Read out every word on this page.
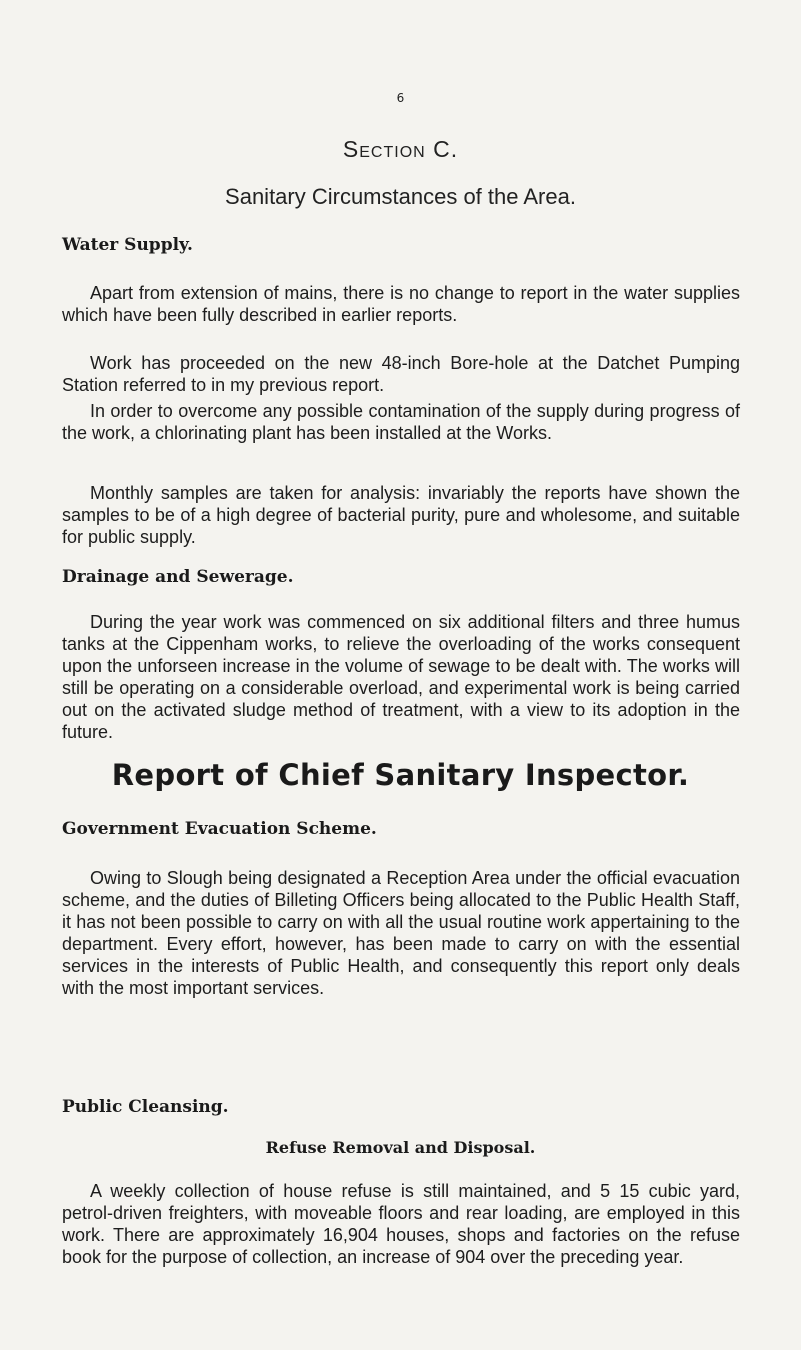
6
Section C.
Sanitary Circumstances of the Area.
Water Supply.

Apart from extension of mains, there is no change to report in the water supplies which have been fully described in earlier reports.

Work has proceeded on the new 48-inch Bore-hole at the Datchet Pumping Station referred to in my previous report.

In order to overcome any possible contamination of the supply during progress of the work, a chlorinating plant has been installed at the Works.

Monthly samples are taken for analysis: invariably the reports have shown the samples to be of a high degree of bacterial purity, pure and wholesome, and suitable for public supply.

Drainage and Sewerage.

During the year work was commenced on six additional filters and three humus tanks at the Cippenham works, to relieve the overloading of the works consequent upon the unforseen increase in the volume of sewage to be dealt with. The works will still be operating on a considerable overload, and experimental work is being carried out on the activated sludge method of treatment, with a view to its adoption in the future.

Report of Chief Sanitary Inspector.
Government Evacuation Scheme.

Owing to Slough being designated a Reception Area under the official evacuation scheme, and the duties of Billeting Officers being allocated to the Public Health Staff, it has not been possible to carry on with all the usual routine work appertaining to the department. Every effort, however, has been made to carry on with the essential services in the interests of Public Health, and consequently this report only deals with the most important services.

Public Cleansing.
Refuse Removal and Disposal.

A weekly collection of house refuse is still maintained, and 5 15 cubic yard, petrol-driven freighters, with moveable floors and rear loading, are employed in this work. There are approximately 16,904 houses, shops and factories on the refuse book for the purpose of collection, an increase of 904 over the preceding year.
